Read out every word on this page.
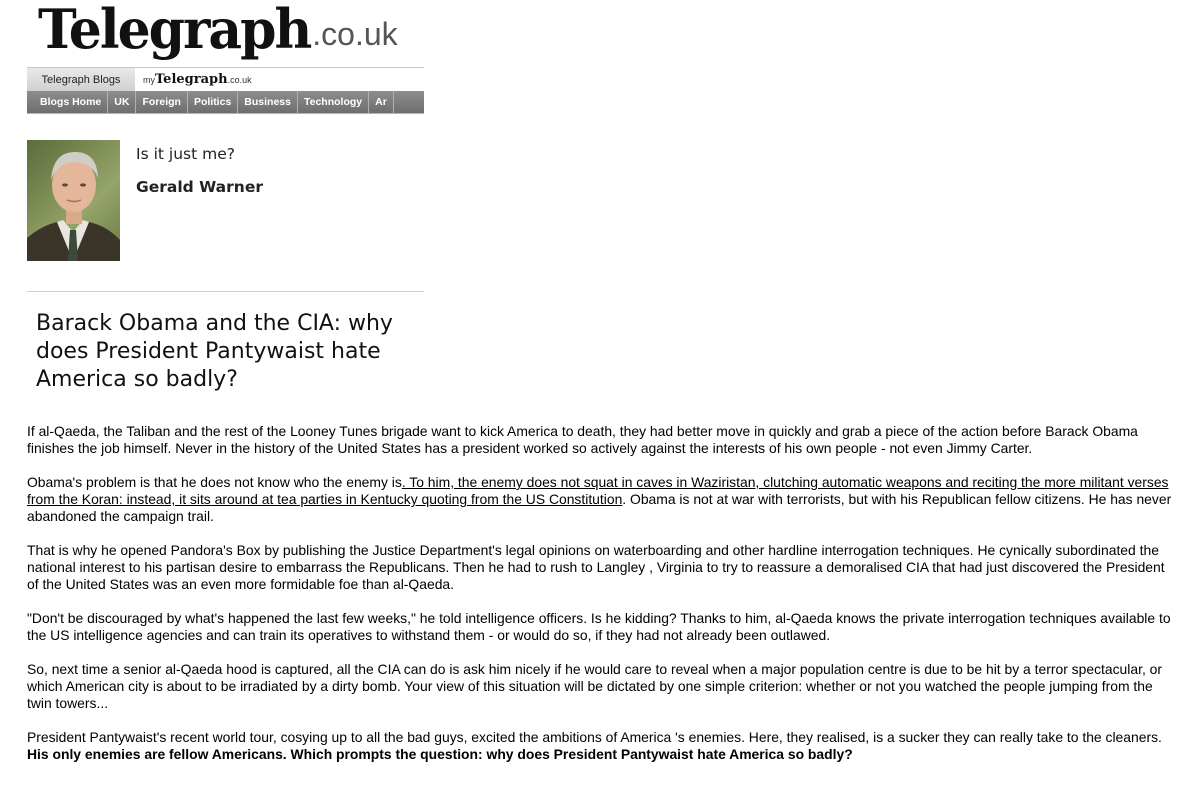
Telegraph.co.uk
Telegraph Blogs	myTelegraph.co.uk
Blogs Home UK Foreign Politics Business Technology Ar
Is it just me?
Gerald Warner
Barack Obama and the CIA: why does President Pantywaist hate America so badly?

If al-Qaeda, the Taliban and the rest of the Looney Tunes brigade want to kick America to death, they had better move in quickly and grab a piece of the action before Barack Obama finishes the job himself. Never in the history of the United States has a president worked so actively against the interests of his own people - not even Jimmy Carter.

Obama's problem is that he does not know who the enemy is. To him, the enemy does not squat in caves in Waziristan, clutching automatic weapons and reciting the more militant verses from the Koran: instead, it sits around at tea parties in Kentucky quoting from the US Constitution. Obama is not at war with terrorists, but with his Republican fellow citizens. He has never abandoned the campaign trail.

That is why he opened Pandora's Box by publishing the Justice Department's legal opinions on waterboarding and other hardline interrogation techniques. He cynically subordinated the national interest to his partisan desire to embarrass the Republicans. Then he had to rush to Langley , Virginia to try to reassure a demoralised CIA that had just discovered the President of the United States was an even more formidable foe than al-Qaeda.

"Don't be discouraged by what's happened the last few weeks," he told intelligence officers. Is he kidding? Thanks to him, al-Qaeda knows the private interrogation techniques available to the US intelligence agencies and can train its operatives to withstand them - or would do so, if they had not already been outlawed.

So, next time a senior al-Qaeda hood is captured, all the CIA can do is ask him nicely if he would care to reveal when a major population centre is due to be hit by a terror spectacular, or which American city is about to be irradiated by a dirty bomb. Your view of this situation will be dictated by one simple criterion: whether or not you watched the people jumping from the twin towers...

President Pantywaist's recent world tour, cosying up to all the bad guys, excited the ambitions of America 's enemies. Here, they realised, is a sucker they can really take to the cleaners. His only enemies are fellow Americans. Which prompts the question: why does President Pantywaist hate America so badly?
